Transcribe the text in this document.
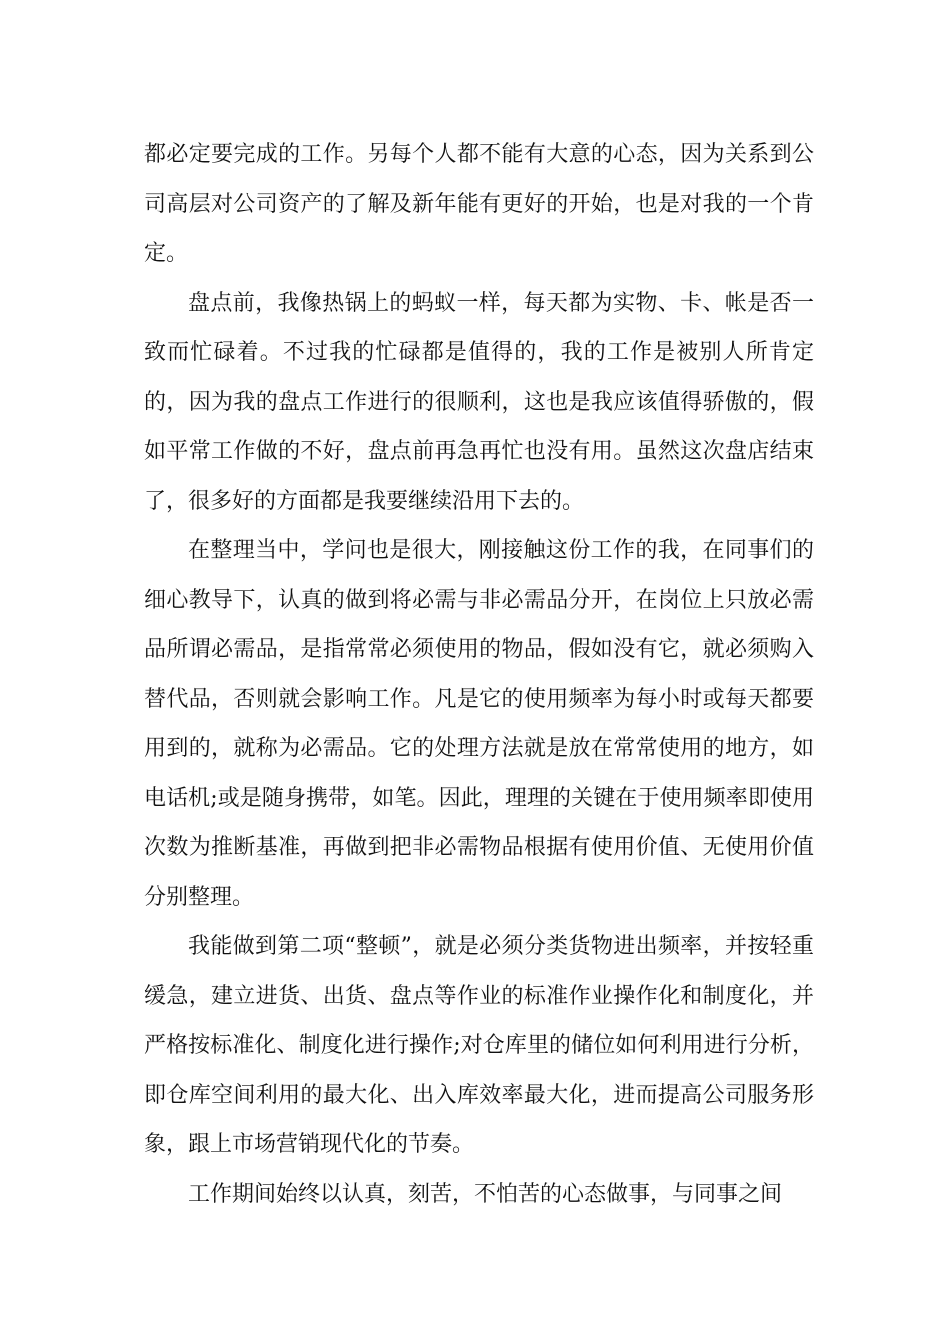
都必定要完成的工作。另每个人都不能有大意的心态，因为关系到公司高层对公司资产的了解及新年能有更好的开始，也是对我的一个肯定。

盘点前，我像热锅上的蚂蚁一样，每天都为实物、卡、帐是否一致而忙碌着。不过我的忙碌都是值得的，我的工作是被别人所肯定的，因为我的盘点工作进行的很顺利，这也是我应该值得骄傲的，假如平常工作做的不好，盘点前再急再忙也没有用。虽然这次盘店结束了，很多好的方面都是我要继续沿用下去的。

在整理当中，学问也是很大，刚接触这份工作的我，在同事们的细心教导下，认真的做到将必需与非必需品分开，在岗位上只放必需品所谓必需品，是指常常必须使用的物品，假如没有它，就必须购入替代品，否则就会影响工作。凡是它的使用频率为每小时或每天都要用到的，就称为必需品。它的处理方法就是放在常常使用的地方，如电话机;或是随身携带，如笔。因此，理理的关键在于使用频率即使用次数为推断基准，再做到把非必需物品根据有使用价值、无使用价值分别整理。

我能做到第二项“整顿”，就是必须分类货物进出频率，并按轻重缓急，建立进货、出货、盘点等作业的标准作业操作化和制度化，并严格按标准化、制度化进行操作;对仓库里的储位如何利用进行分析，即仓库空间利用的最大化、出入库效率最大化，进而提高公司服务形象，跟上市场营销现代化的节奏。

工作期间始终以认真，刻苦，不怕苦的心态做事，与同事之间
